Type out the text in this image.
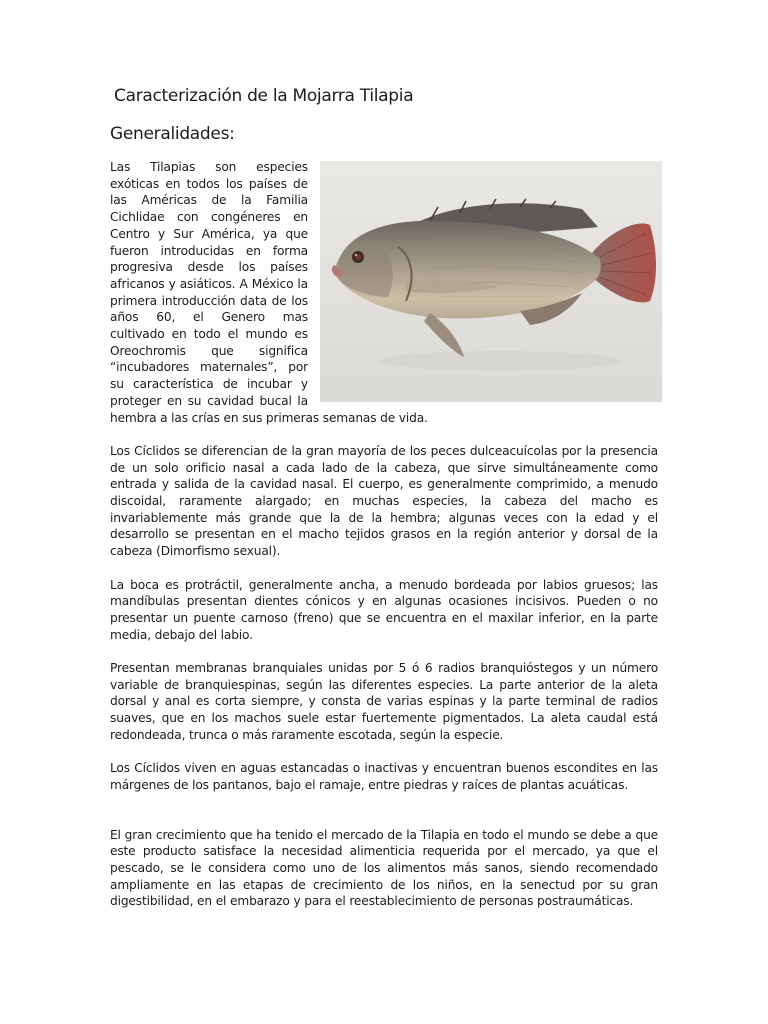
Caracterización de la Mojarra Tilapia
Generalidades:

Las Tilapias son especies exóticas en todos los países de las Américas de la Familia Cichlidae con congéneres en Centro y Sur América, ya que fueron introducidas en forma progresiva desde los países africanos y asiáticos. A México la primera introducción data de los años 60, el Genero mas cultivado en todo el mundo es Oreochromis que significa “incubadores maternales”, por su característica de incubar y proteger en su cavidad bucal la hembra a las crías en sus primeras semanas de vida.

Los Cíclidos se diferencian de la gran mayoría de los peces dulceacuícolas por la presencia de un solo orificio nasal a cada lado de la cabeza, que sirve simultáneamente como entrada y salida de la cavidad nasal. El cuerpo, es generalmente comprimido, a menudo discoidal, raramente alargado; en muchas especies, la cabeza del macho es invariablemente más grande que la de la hembra; algunas veces con la edad y el desarrollo se presentan en el macho tejidos grasos en la región anterior y dorsal de la cabeza (Dimorfismo sexual).

La boca es protráctil, generalmente ancha, a menudo bordeada por labios gruesos; las mandíbulas presentan dientes cónicos y en algunas ocasiones incisivos. Pueden o no presentar un puente carnoso (freno) que se encuentra en el maxilar inferior, en la parte media, debajo del labio.

Presentan membranas branquiales unidas por 5 ó 6 radios branquióstegos y un número variable de branquiespinas, según las diferentes especies. La parte anterior de la aleta dorsal y anal es corta siempre, y consta de varias espinas y la parte terminal de radios suaves, que en los machos suele estar fuertemente pigmentados. La aleta caudal está redondeada, trunca o más raramente escotada, según la especie.

Los Cíclidos viven en aguas estancadas o inactivas y encuentran buenos escondites en las márgenes de los pantanos, bajo el ramaje, entre piedras y raíces de plantas acuáticas.

El gran crecimiento que ha tenido el mercado de la Tilapia en todo el mundo se debe a que este producto satisface la necesidad alimenticia requerida por el mercado, ya que el pescado, se le considera como uno de los alimentos más sanos, siendo recomendado ampliamente en las etapas de crecimiento de los niños, en la senectud por su gran digestibilidad, en el embarazo y para el reestablecimiento de personas postraumáticas.
